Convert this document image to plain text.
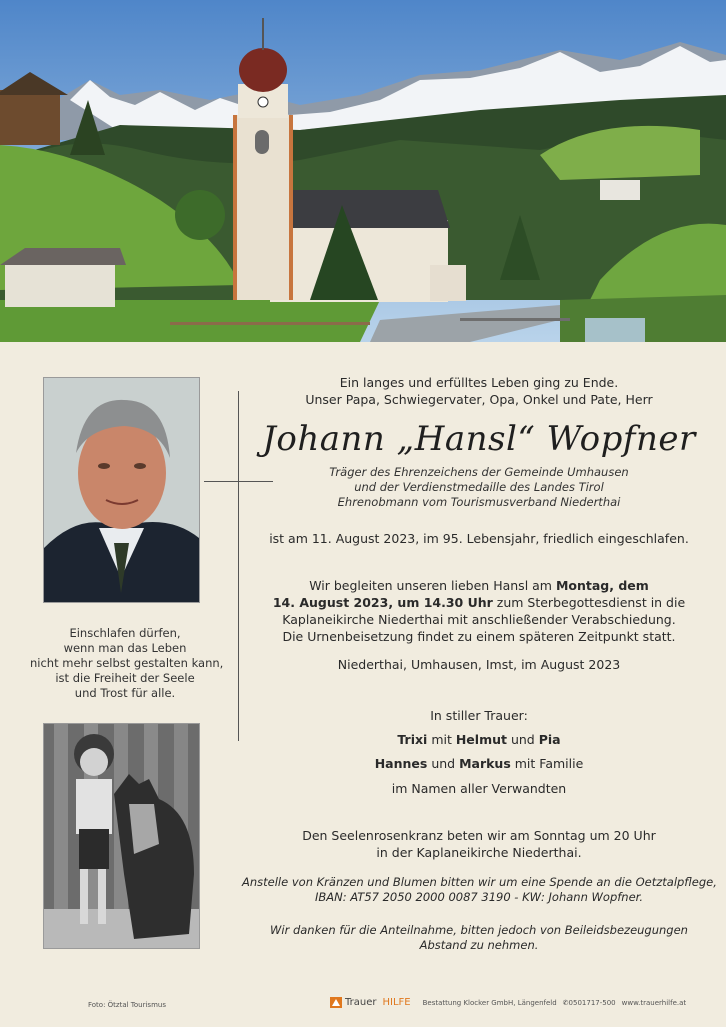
Einschlafen dürfen,
wenn man das Leben
nicht mehr selbst gestalten kann,
ist die Freiheit der Seele
und Trost für alle.
Ein langes und erfülltes Leben ging zu Ende.
Unser Papa, Schwiegervater, Opa, Onkel und Pate, Herr
Johann „Hansl“ Wopfner
Träger des Ehrenzeichens der Gemeinde Umhausen
und der Verdienstmedaille des Landes Tirol
Ehrenobmann vom Tourismusverband Niederthai
ist am 11. August 2023, im 95. Lebensjahr, friedlich eingeschlafen.
Wir begleiten unseren lieben Hansl am Montag, dem
14. August 2023, um 14.30 Uhr zum Sterbegottesdienst in die
Kaplaneikirche Niederthai mit anschließender Verabschiedung.
Die Urnenbeisetzung findet zu einem späteren Zeitpunkt statt.
Niederthai, Umhausen, Imst, im August 2023
In stiller Trauer:
Trixi mit Helmut und Pia
Hannes und Markus mit Familie
im Namen aller Verwandten
Den Seelenrosenkranz beten wir am Sonntag um 20 Uhr
in der Kaplaneikirche Niederthai.
Anstelle von Kränzen und Blumen bitten wir um eine Spende an die Oetztalpflege,
IBAN: AT57 2050 2000 0087 3190 - KW: Johann Wopfner.
Wir danken für die Anteilnahme, bitten jedoch von Beileidsbezeugungen
Abstand zu nehmen.
Foto: Ötztal Tourismus	Trauer HILFE	Bestattung Klocker GmbH, Längenfeld ✆0501717-500 www.trauerhilfe.at
